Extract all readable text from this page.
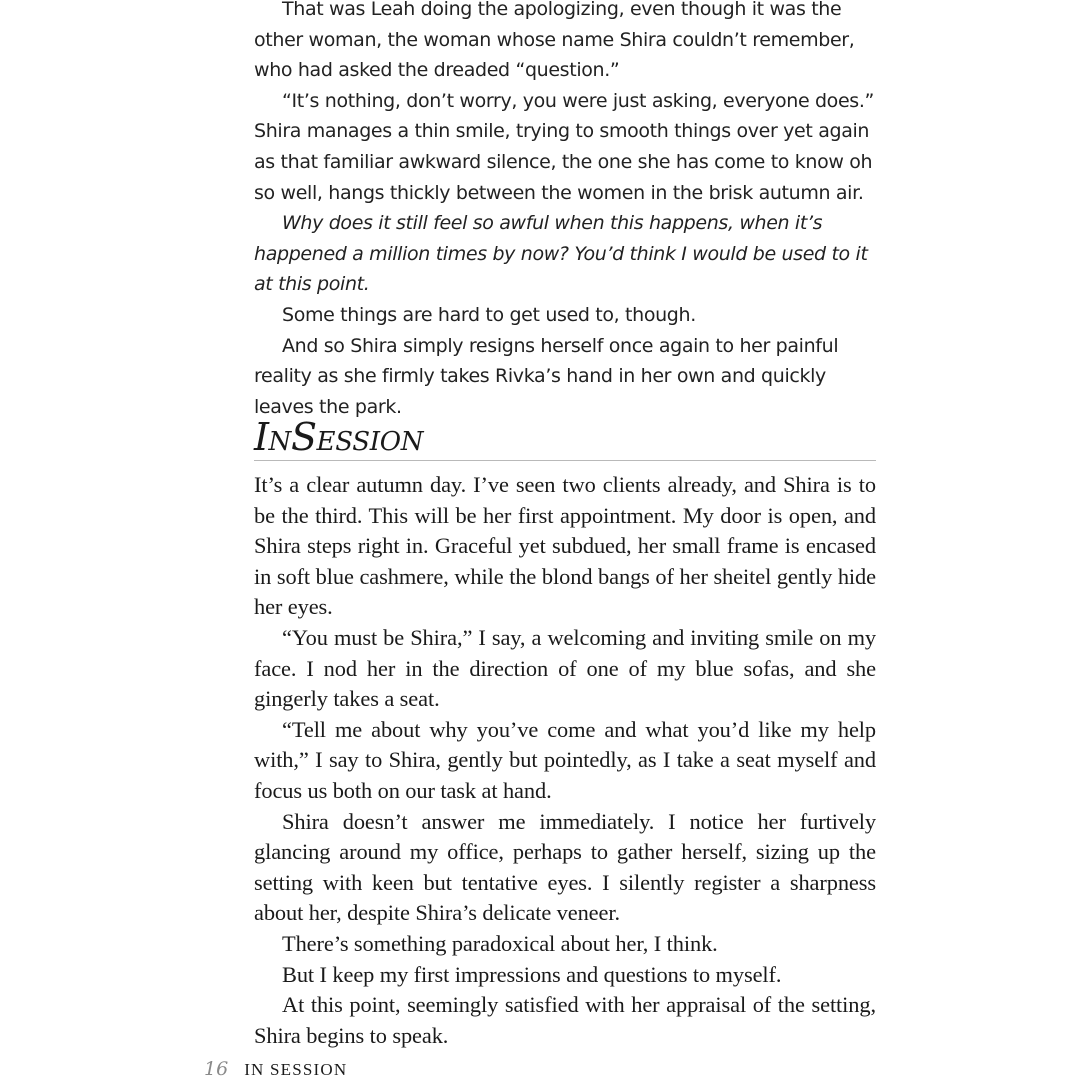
That was Leah doing the apologizing, even though it was the other woman, the woman whose name Shira couldn’t remember, who had asked the dreaded “question.”

“It’s nothing, don’t worry, you were just asking, everyone does.” Shira manages a thin smile, trying to smooth things over yet again as that familiar awkward silence, the one she has come to know oh so well, hangs thickly between the women in the brisk autumn air.

Why does it still feel so awful when this happens, when it’s happened a million times by now? You’d think I would be used to it at this point.

Some things are hard to get used to, though.

And so Shira simply resigns herself once again to her painful reality as she firmly takes Rivka’s hand in her own and quickly leaves the park.

INSESSION

It’s a clear autumn day. I’ve seen two clients already, and Shira is to be the third. This will be her first appointment. My door is open, and Shira steps right in. Graceful yet subdued, her small frame is encased in soft blue cashmere, while the blond bangs of her sheitel gently hide her eyes.

“You must be Shira,” I say, a welcoming and inviting smile on my face. I nod her in the direction of one of my blue sofas, and she gingerly takes a seat.

“Tell me about why you’ve come and what you’d like my help with,” I say to Shira, gently but pointedly, as I take a seat myself and focus us both on our task at hand.

Shira doesn’t answer me immediately. I notice her furtively glancing around my office, perhaps to gather herself, sizing up the setting with keen but tentative eyes. I silently register a sharpness about her, despite Shira’s delicate veneer.

There’s something paradoxical about her, I think.

But I keep my first impressions and questions to myself.

At this point, seemingly satisfied with her appraisal of the setting, Shira begins to speak.

16 IN SESSION
